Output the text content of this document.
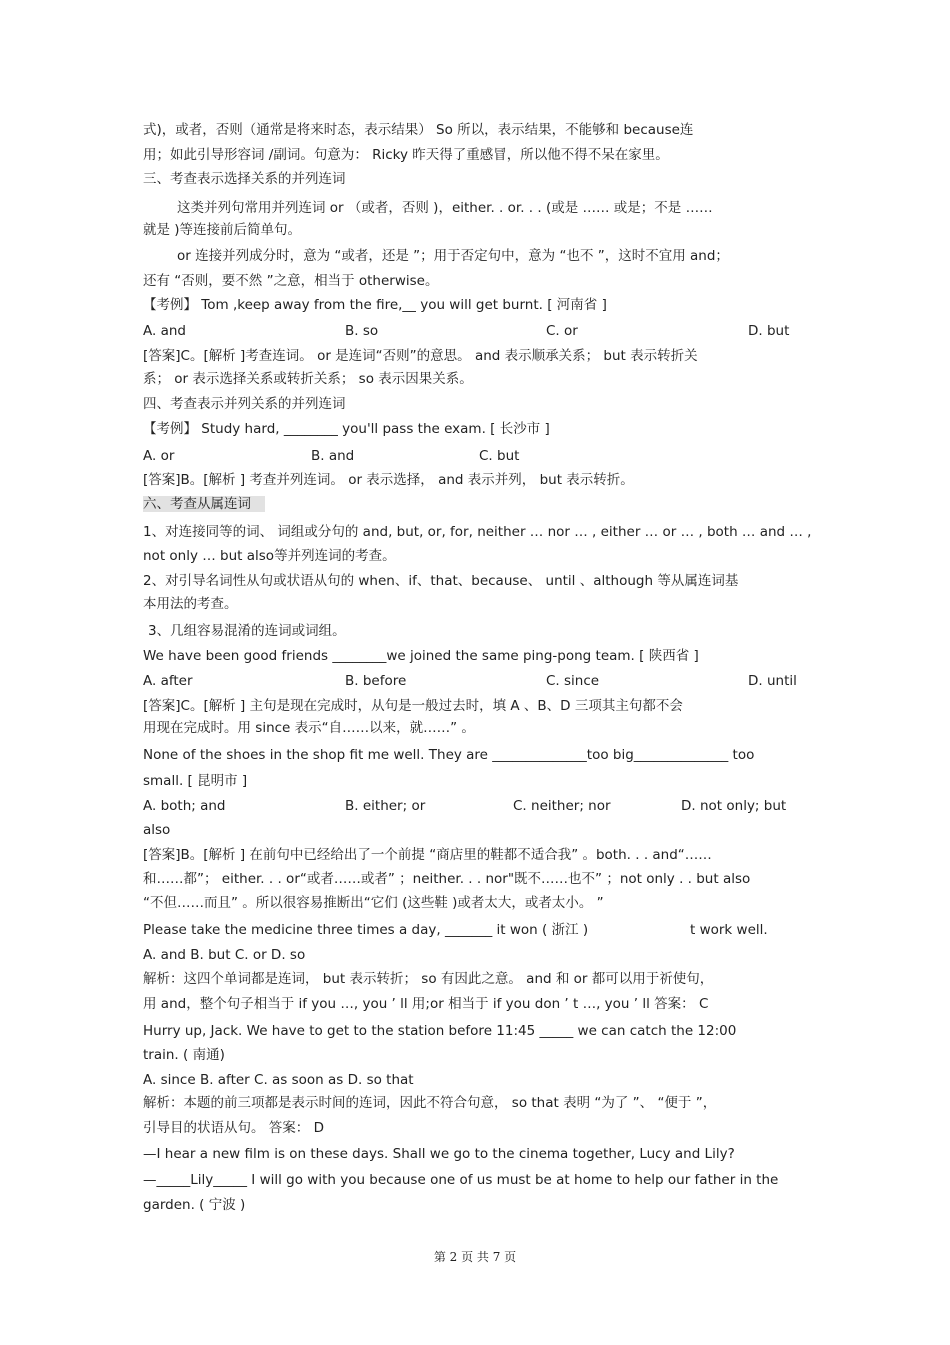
式)，或者，否则（通常是将来时态，表示结果） So 所以，表示结果，不能够和 because连
用；如此引导形容词 /副词。句意为： Ricky 昨天得了重感冒，所以他不得不呆在家里。
三、考查表示选择关系的并列连词
这类并列句常用并列连词 or （或者，否则 )，either. . or. . . (或是 …… 或是；不是 ……
就是 )等连接前后简单句。
or 连接并列成分时，意为 “或者，还是 ”；用于否定句中，意为 “也不 ”，这时不宜用 and；
还有 “否则，要不然 ”之意，相当于 otherwise。
【考例】 Tom ,keep away from the fire,__ you will get burnt. [ 河南省 ]
A. and	B. so	C. or	D. but
[答案]C。[解析 ]考查连词。 or 是连词“否则”的意思。 and 表示顺承关系； but 表示转折关
系； or 表示选择关系或转折关系； so 表示因果关系。
四、考查表示并列关系的并列连词
【考例】 Study hard, ________ you'll pass the exam. [ 长沙市 ]
A. or	B. and	C. but
[答案]B。[解析 ] 考查并列连词。 or 表示选择， and 表示并列， but 表示转折。
六、考查从属连词
1、对连接同等的词、 词组或分句的 and, but, or, for, neither … nor … , either … or … , both … and … ,
not only … but also等并列连词的考查。
2、对引导名词性从句或状语从句的 when、if、that、because、 until 、although 等从属连词基
本用法的考查。
3、几组容易混淆的连词或词组。
We have been good friends ________we joined the same ping-pong team. [ 陕西省 ]
A. after	B. before	C. since	D. until
[答案]C。[解析 ] 主句是现在完成时，从句是一般过去时，填 A 、B、D 三项其主句都不会
用现在完成时。用 since 表示“自……以来，就……” 。
None of the shoes in the shop fit me well. They are ______________too big______________ too
small. [ 昆明市 ]
A. both; and	B. either; or	C. neither; nor	D. not only; but
also
[答案]B。[解析 ] 在前句中已经给出了一个前提 “商店里的鞋都不适合我” 。both. . . and“……
和……都”； either. . . or“或者……或者” ；neither. . . nor"既不……也不” ；not only . . but also
“不但……而且” 。所以很容易推断出“它们 (这些鞋 )或者太大，或者太小。 ”
Please take the medicine three times a day, _______ it won ( 浙江 )	t work well.
A. and B. but C. or D. so
解析：这四个单词都是连词， but 表示转折； so 有因此之意。 and 和 or 都可以用于祈使句，
用 and，整个句子相当于 if you …, you ’ ll 用;or 相当于 if you don ’ t …, you ’ ll 答案： C
Hurry up, Jack. We have to get to the station before 11:45 _____ we can catch the 12:00
train. ( 南通)
A. since B. after C. as soon as D. so that
解析：本题的前三项都是表示时间的连词，因此不符合句意， so that 表明 “为了 ”、 “便于 ”，
引导目的状语从句。 答案： D
—I hear a new film is on these days. Shall we go to the cinema together, Lucy and Lily?
—_____Lily_____ I will go with you because one of us must be at home to help our father in the
garden. ( 宁波 )
第 2 页 共 7 页
